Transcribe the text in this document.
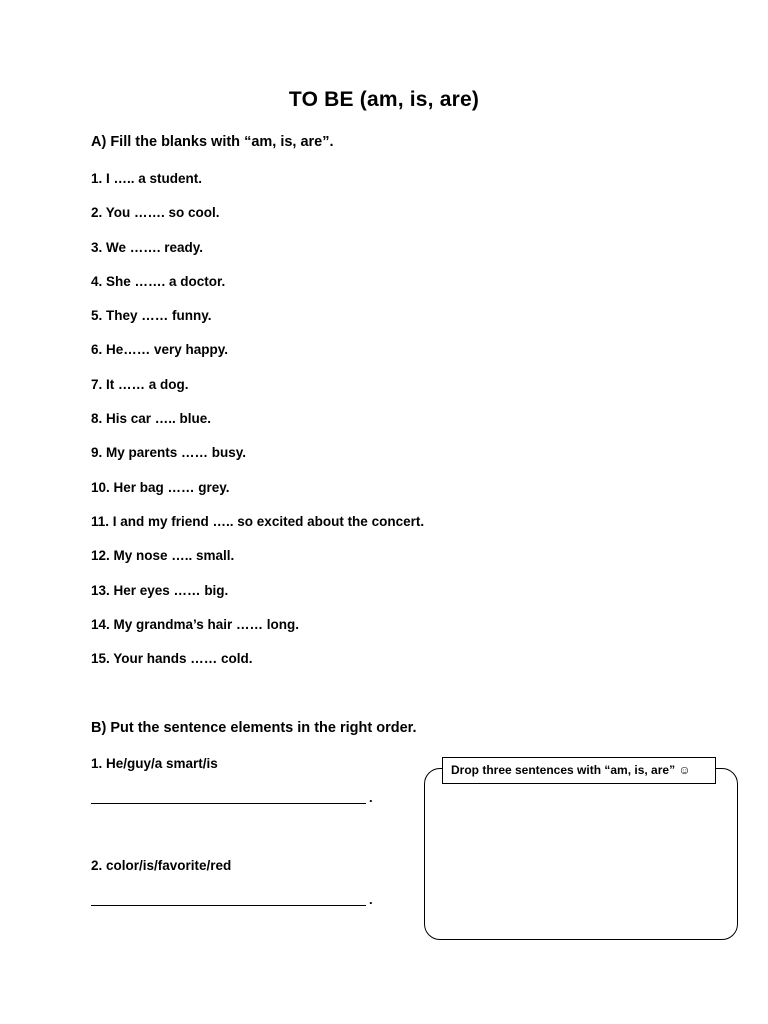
TO BE (am, is, are)
A) Fill the blanks with “am, is, are”.
1. I ….. a student.
2. You ……. so cool.
3. We ……. ready.
4. She ……. a doctor.
5. They …… funny.
6. He…… very happy.
7. It …… a dog.
8. His car ….. blue.
9. My parents …… busy.
10. Her bag …… grey.
11. I and my friend ….. so excited about the concert.
12. My nose ….. small.
13. Her eyes …… big.
14. My grandma’s hair …… long.
15. Your hands …… cold.
B) Put the sentence elements in the right order.
1. He/guy/a smart/is
.
2. color/is/favorite/red
.
Drop three sentences with “am, is, are” ☺
